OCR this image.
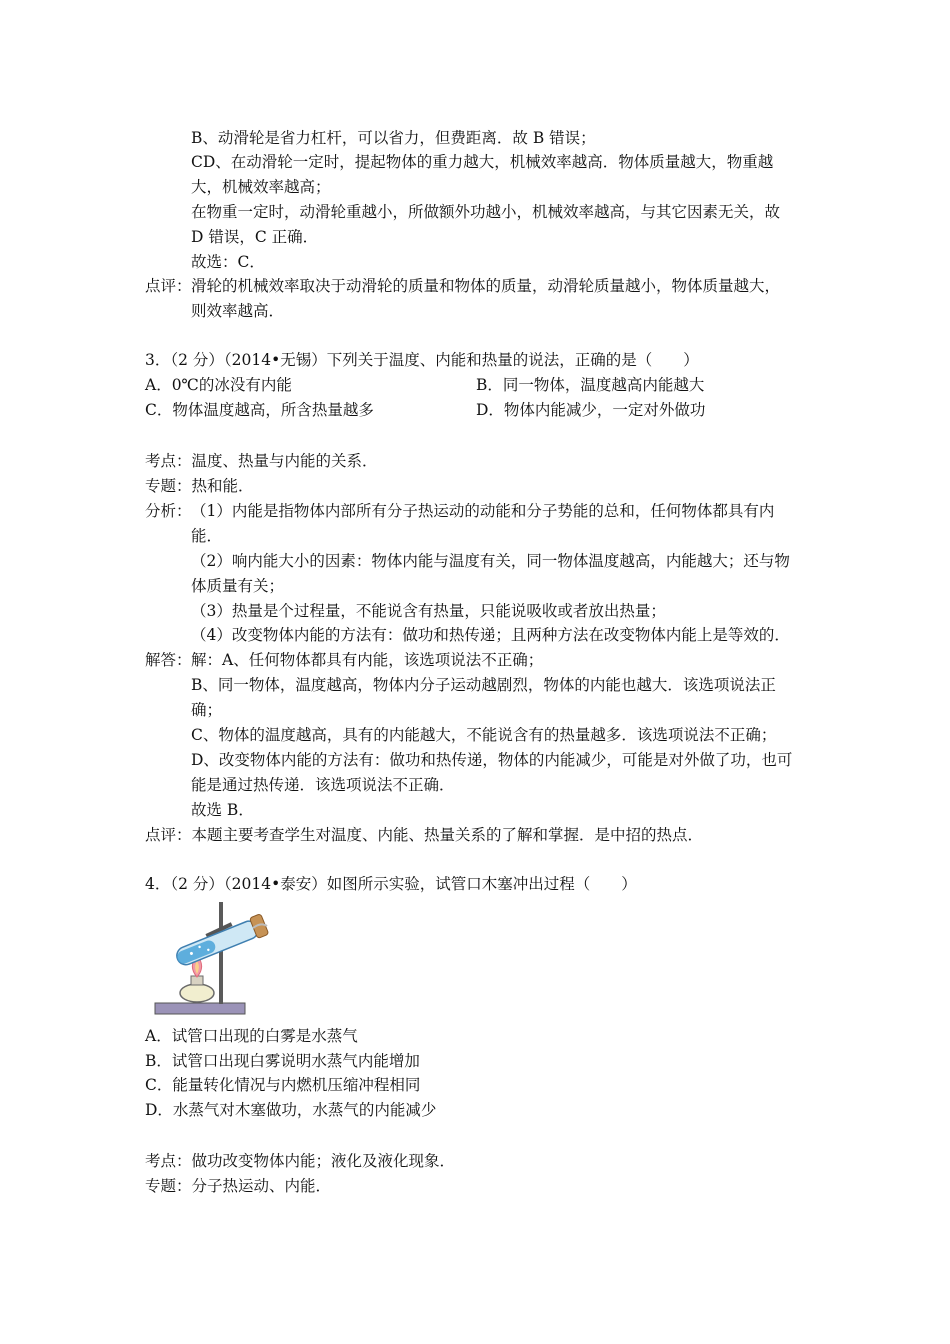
B、动滑轮是省力杠杆，可以省力，但费距离．故 B 错误；
CD、在动滑轮一定时，提起物体的重力越大，机械效率越高．物体质量越大，物重越
大，机械效率越高；
在物重一定时，动滑轮重越小，所做额外功越小，机械效率越高，与其它因素无关，故
D 错误，C 正确．
故选：C．
点评： 滑轮的机械效率取决于动滑轮的质量和物体的质量，动滑轮质量越小，物体质量越大，
则效率越高．
3．（2 分）（2014•无锡）下列关于温度、内能和热量的说法，正确的是（　　）
A．0℃的冰没有内能	B．同一物体，温度越高内能越大
C．物体温度越高，所含热量越多	D．物体内能减少，一定对外做功
考点：温度、热量与内能的关系．
专题：热和能．
分析： （1）内能是指物体内部所有分子热运动的动能和分子势能的总和，任何物体都具有内
能．
（2）响内能大小的因素：物体内能与温度有关，同一物体温度越高，内能越大；还与物
体质量有关；
（3）热量是个过程量，不能说含有热量，只能说吸收或者放出热量；
（4）改变物体内能的方法有：做功和热传递；且两种方法在改变物体内能上是等效的．
解答： 解：A、任何物体都具有内能，该选项说法不正确；
B、同一物体，温度越高，物体内分子运动越剧烈，物体的内能也越大．该选项说法正
确；
C、物体的温度越高，具有的内能越大，不能说含有的热量越多．该选项说法不正确；
D、改变物体内能的方法有：做功和热传递，物体的内能减少，可能是对外做了功，也可
能是通过热传递．该选项说法不正确．
故选 B．
点评：本题主要考查学生对温度、内能、热量关系的了解和掌握．是中招的热点．
4．（2 分）（2014•泰安）如图所示实验，试管口木塞冲出过程（　　）
A．试管口出现的白雾是水蒸气
B．试管口出现白雾说明水蒸气内能增加
C．能量转化情况与内燃机压缩冲程相同
D．水蒸气对木塞做功，水蒸气的内能减少
考点：做功改变物体内能；液化及液化现象．
专题：分子热运动、内能．
